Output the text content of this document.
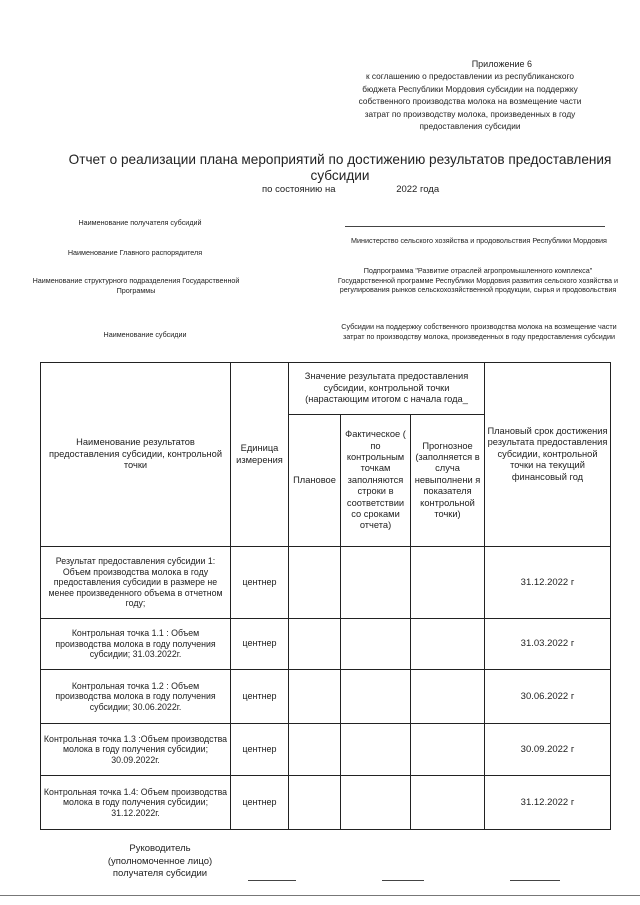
Приложение 6
к соглашению о предоставлении из республиканского
бюджета Республики Мордовия субсидии на поддержку
собственного производства молока на возмещение части
затрат по производству молока, произведенных в году
предоставления субсидии
Отчет о реализации плана мероприятий по достижению результатов предоставления субсидии
по состоянию на	2022 года
Наименование получателя субсидий
Наименование Главного распорядителя
Министерство сельского хозяйства и продовольствия Республики Мордовия
Наименование структурного подразделения Государственной Программы
Подпрограмма "Развитие отраслей агропромышленного комплекса" Государственной программе Республики Мордовия развития сельского хозяйства и регулирования рынков сельскохозяйственной продукции, сырья и продовольствия
Наименование субсидии
Субсидии на поддержку собственного производства молока на возмещение части затрат по производству молока, произведенных в году предоставления субсидии
Наименование результатов предоставления субсидии, контрольной точки	Единица измерения	Значение результата предоставления субсидии, контрольной точки (нарастающим итогом с начала года_			Плановый срок достижения результата предоставления субсидии, контрольной точки на текущий финансовый год
		Плановое	Фактическое ( по контрольным точкам заполняются строки в соответствии со сроками отчета)	Прогнозное (заполняется в случа невыполнени я показателя контрольной точки)	
Результат предоставления субсидии 1: Объем производства молока в году предоставления субсидии в размере не менее произведенного объема в отчетном году;	центнер				31.12.2022 г
Контрольная точка 1.1 : Объем производства молока в году получения субсидии; 31.03.2022г.	центнер				31.03.2022 г
Контрольная точка 1.2 : Объем производства молока в году получения субсидии; 30.06.2022г.	центнер				30.06.2022 г
Контрольная точка 1.3 :Объем производства молока в году получения субсидии; 30.09.2022г.	центнер				30.09.2022 г
Контрольная точка 1.4: Объем производства молока в году получения субсидии; 31.12.2022г.	центнер				31.12.2022 г
Руководитель (уполномоченное лицо) получателя субсидии
